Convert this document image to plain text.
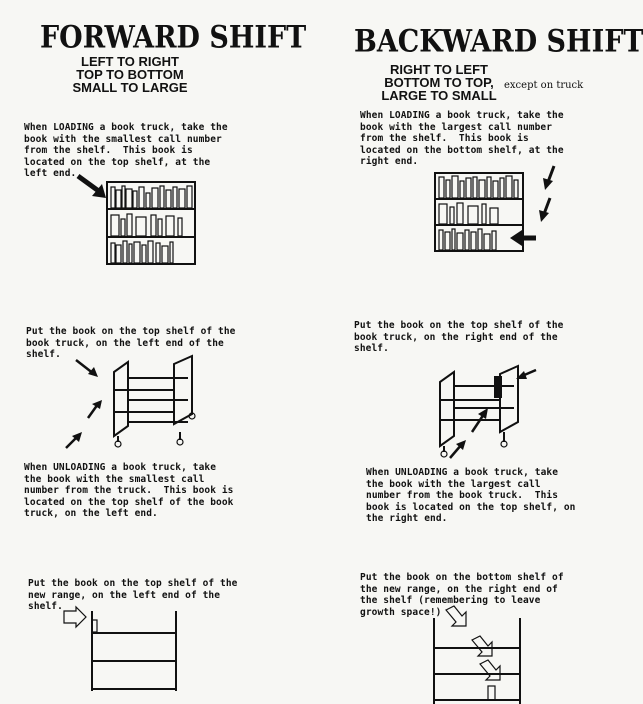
FORWARD SHIFT
LEFT TO RIGHT
TOP TO BOTTOM
SMALL TO LARGE
When LOADING a book truck, take the
book with the smallest call number
from the shelf.  This book is
located on the top shelf, at the
left end.
Put the book on the top shelf of the
book truck, on the left end of the
shelf.
When UNLOADING a book truck, take
the book with the smallest call
number from the truck.  This book is
located on the top shelf of the book
truck, on the left end.
Put the book on the top shelf of the
new range, on the left end of the
shelf.
BACKWARD SHIFT
RIGHT TO LEFT
BOTTOM TO TOP,
LARGE TO SMALL
except on truck
When LOADING a book truck, take the
book with the largest call number
from the shelf.  This book is
located on the bottom shelf, at the
right end.
Put the book on the top shelf of the
book truck, on the right end of the
shelf.
When UNLOADING a book truck, take
the book with the largest call
number from the book truck.  This
book is located on the top shelf, on
the right end.
Put the book on the bottom shelf of
the new range, on the right end of
the shelf (remembering to leave
growth space!)
